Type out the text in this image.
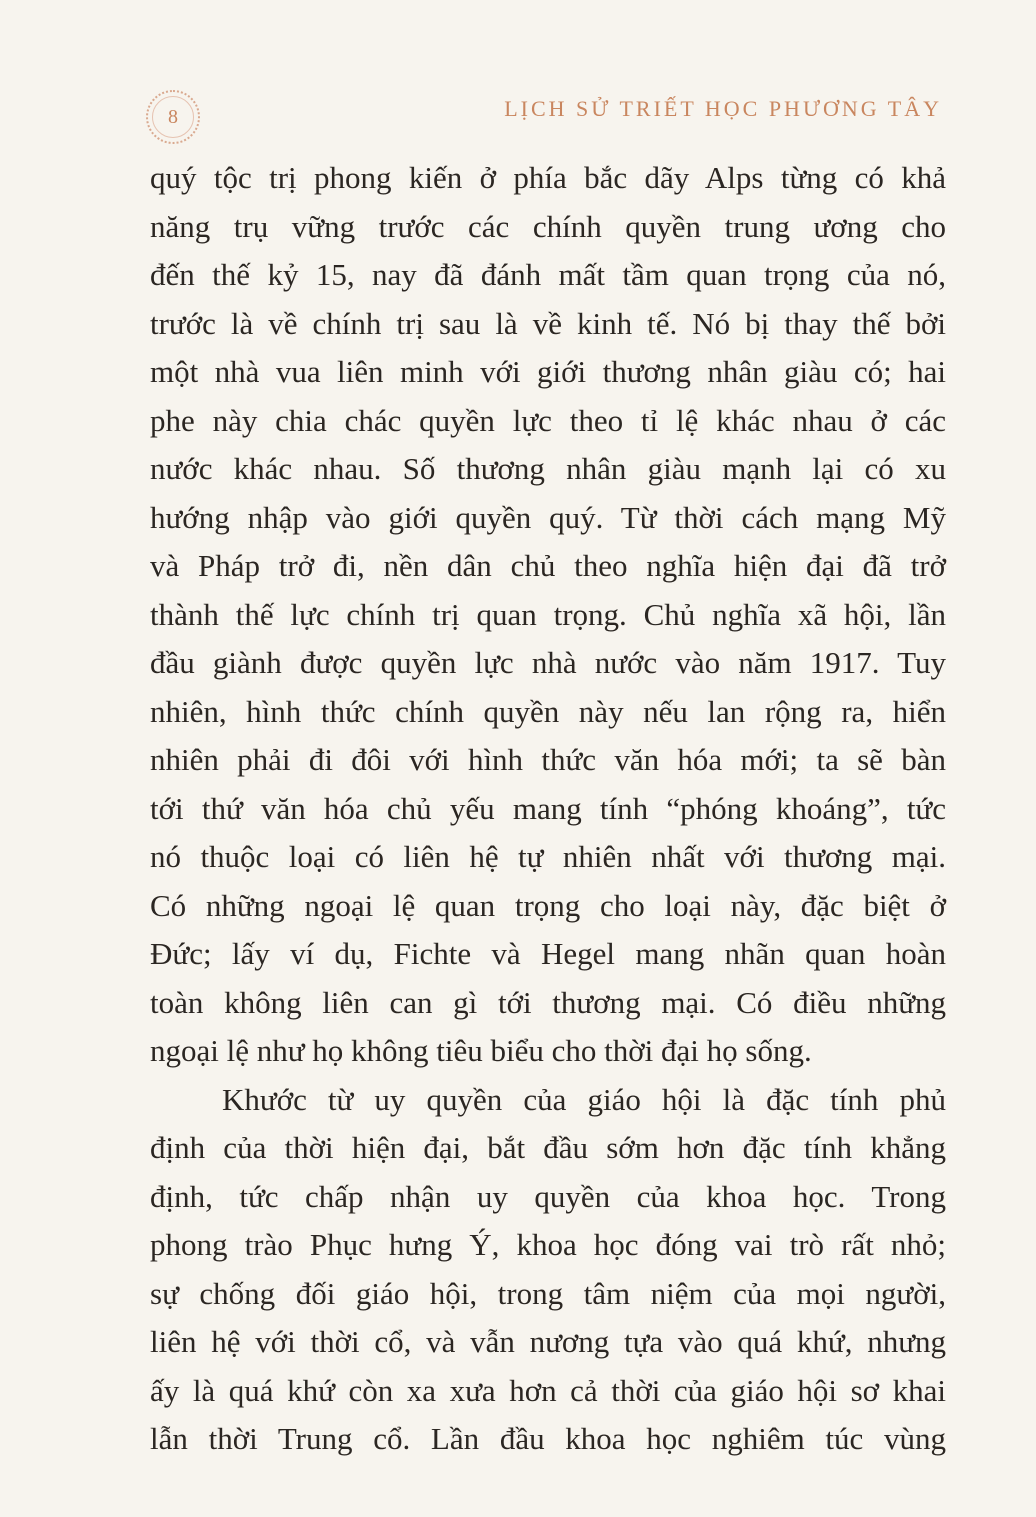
8	LỊCH SỬ TRIẾT HỌC PHƯƠNG TÂY
quý tộc trị phong kiến ở phía bắc dãy Alps từng có khả
năng trụ vững trước các chính quyền trung ương cho
đến thế kỷ 15, nay đã đánh mất tầm quan trọng của nó,
trước là về chính trị sau là về kinh tế. Nó bị thay thế bởi
một nhà vua liên minh với giới thương nhân giàu có; hai
phe này chia chác quyền lực theo tỉ lệ khác nhau ở các
nước khác nhau. Số thương nhân giàu mạnh lại có xu
hướng nhập vào giới quyền quý. Từ thời cách mạng Mỹ
và Pháp trở đi, nền dân chủ theo nghĩa hiện đại đã trở
thành thế lực chính trị quan trọng. Chủ nghĩa xã hội, lần
đầu giành được quyền lực nhà nước vào năm 1917. Tuy
nhiên, hình thức chính quyền này nếu lan rộng ra, hiển
nhiên phải đi đôi với hình thức văn hóa mới; ta sẽ bàn
tới thứ văn hóa chủ yếu mang tính “phóng khoáng”, tức
nó thuộc loại có liên hệ tự nhiên nhất với thương mại.
Có những ngoại lệ quan trọng cho loại này, đặc biệt ở
Đức; lấy ví dụ, Fichte và Hegel mang nhãn quan hoàn
toàn không liên can gì tới thương mại. Có điều những
ngoại lệ như họ không tiêu biểu cho thời đại họ sống.
Khước từ uy quyền của giáo hội là đặc tính phủ
định của thời hiện đại, bắt đầu sớm hơn đặc tính khẳng
định, tức chấp nhận uy quyền của khoa học. Trong
phong trào Phục hưng Ý, khoa học đóng vai trò rất nhỏ;
sự chống đối giáo hội, trong tâm niệm của mọi người,
liên hệ với thời cổ, và vẫn nương tựa vào quá khứ, nhưng
ấy là quá khứ còn xa xưa hơn cả thời của giáo hội sơ khai
lẫn thời Trung cổ. Lần đầu khoa học nghiêm túc vùng
